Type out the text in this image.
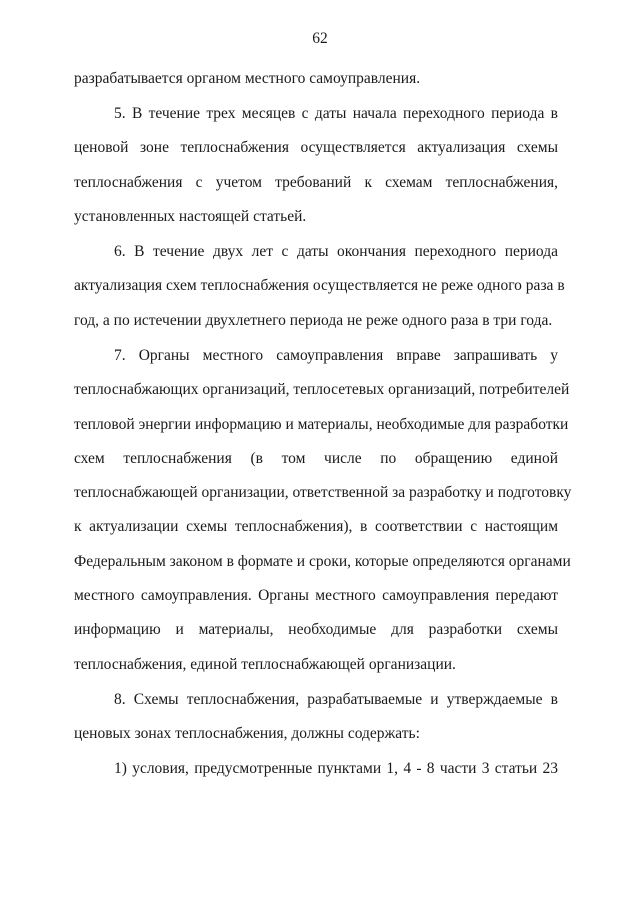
62
разрабатывается органом местного самоуправления.
5. В течение трех месяцев с даты начала переходного периода в
ценовой зоне теплоснабжения осуществляется актуализация схемы
теплоснабжения с учетом требований к схемам теплоснабжения,
установленных настоящей статьей.
6. В течение двух лет с даты окончания переходного периода
актуализация схем теплоснабжения осуществляется не реже одного раза в
год, а по истечении двухлетнего периода не реже одного раза в три года.
7. Органы местного самоуправления вправе запрашивать у
теплоснабжающих организаций, теплосетевых организаций, потребителей
тепловой энергии информацию и материалы, необходимые для разработки
схем теплоснабжения (в том числе по обращению единой
теплоснабжающей организации, ответственной за разработку и подготовку
к актуализации схемы теплоснабжения), в соответствии с настоящим
Федеральным законом в формате и сроки, которые определяются органами
местного самоуправления. Органы местного самоуправления передают
информацию и материалы, необходимые для разработки схемы
теплоснабжения, единой теплоснабжающей организации.
8. Схемы теплоснабжения, разрабатываемые и утверждаемые в
ценовых зонах теплоснабжения, должны содержать:
1) условия, предусмотренные пунктами 1, 4 - 8 части 3 статьи 23
